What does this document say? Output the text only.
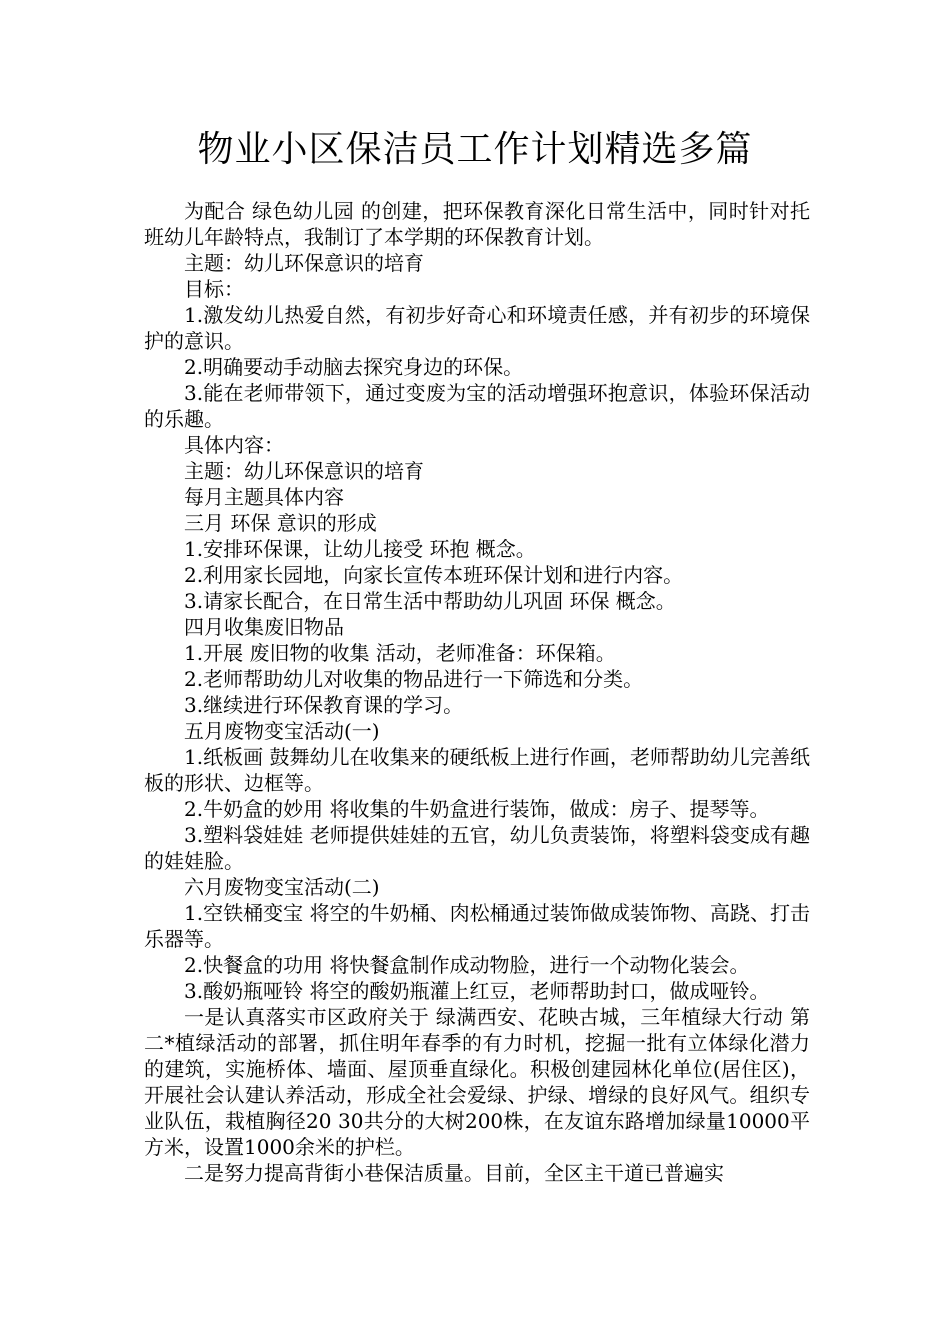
物业小区保洁员工作计划精选多篇

为配合 绿色幼儿园 的创建，把环保教育深化日常生活中，同时针对托班幼儿年龄特点，我制订了本学期的环保教育计划。

主题：幼儿环保意识的培育

目标：

1.激发幼儿热爱自然，有初步好奇心和环境责任感，并有初步的环境保护的意识。

2.明确要动手动脑去探究身边的环保。

3.能在老师带领下，通过变废为宝的活动增强环抱意识，体验环保活动的乐趣。

具体内容：

主题：幼儿环保意识的培育

每月主题具体内容

三月 环保 意识的形成

1.安排环保课，让幼儿接受 环抱 概念。

2.利用家长园地，向家长宣传本班环保计划和进行内容。

3.请家长配合，在日常生活中帮助幼儿巩固 环保 概念。

四月收集废旧物品

1.开展 废旧物的收集 活动，老师准备：环保箱。

2.老师帮助幼儿对收集的物品进行一下筛选和分类。

3.继续进行环保教育课的学习。

五月废物变宝活动(一)

1.纸板画 鼓舞幼儿在收集来的硬纸板上进行作画，老师帮助幼儿完善纸板的形状、边框等。

2.牛奶盒的妙用 将收集的牛奶盒进行装饰，做成：房子、提琴等。

3.塑料袋娃娃 老师提供娃娃的五官，幼儿负责装饰，将塑料袋变成有趣的娃娃脸。

六月废物变宝活动(二)

1.空铁桶变宝 将空的牛奶桶、肉松桶通过装饰做成装饰物、高跷、打击乐器等。

2.快餐盒的功用 将快餐盒制作成动物脸，进行一个动物化装会。

3.酸奶瓶哑铃 将空的酸奶瓶灌上红豆，老师帮助封口，做成哑铃。

一是认真落实市区政府关于 绿满西安、花映古城，三年植绿大行动 第二*植绿活动的部署，抓住明年春季的有力时机，挖掘一批有立体绿化潜力的建筑，实施桥体、墙面、屋顶垂直绿化。积极创建园林化单位(居住区)，开展社会认建认养活动，形成全社会爱绿、护绿、增绿的良好风气。组织专业队伍，栽植胸径20 30共分的大树200株，在友谊东路增加绿量10000平方米，设置1000余米的护栏。

二是努力提高背街小巷保洁质量。目前，全区主干道已普遍实
